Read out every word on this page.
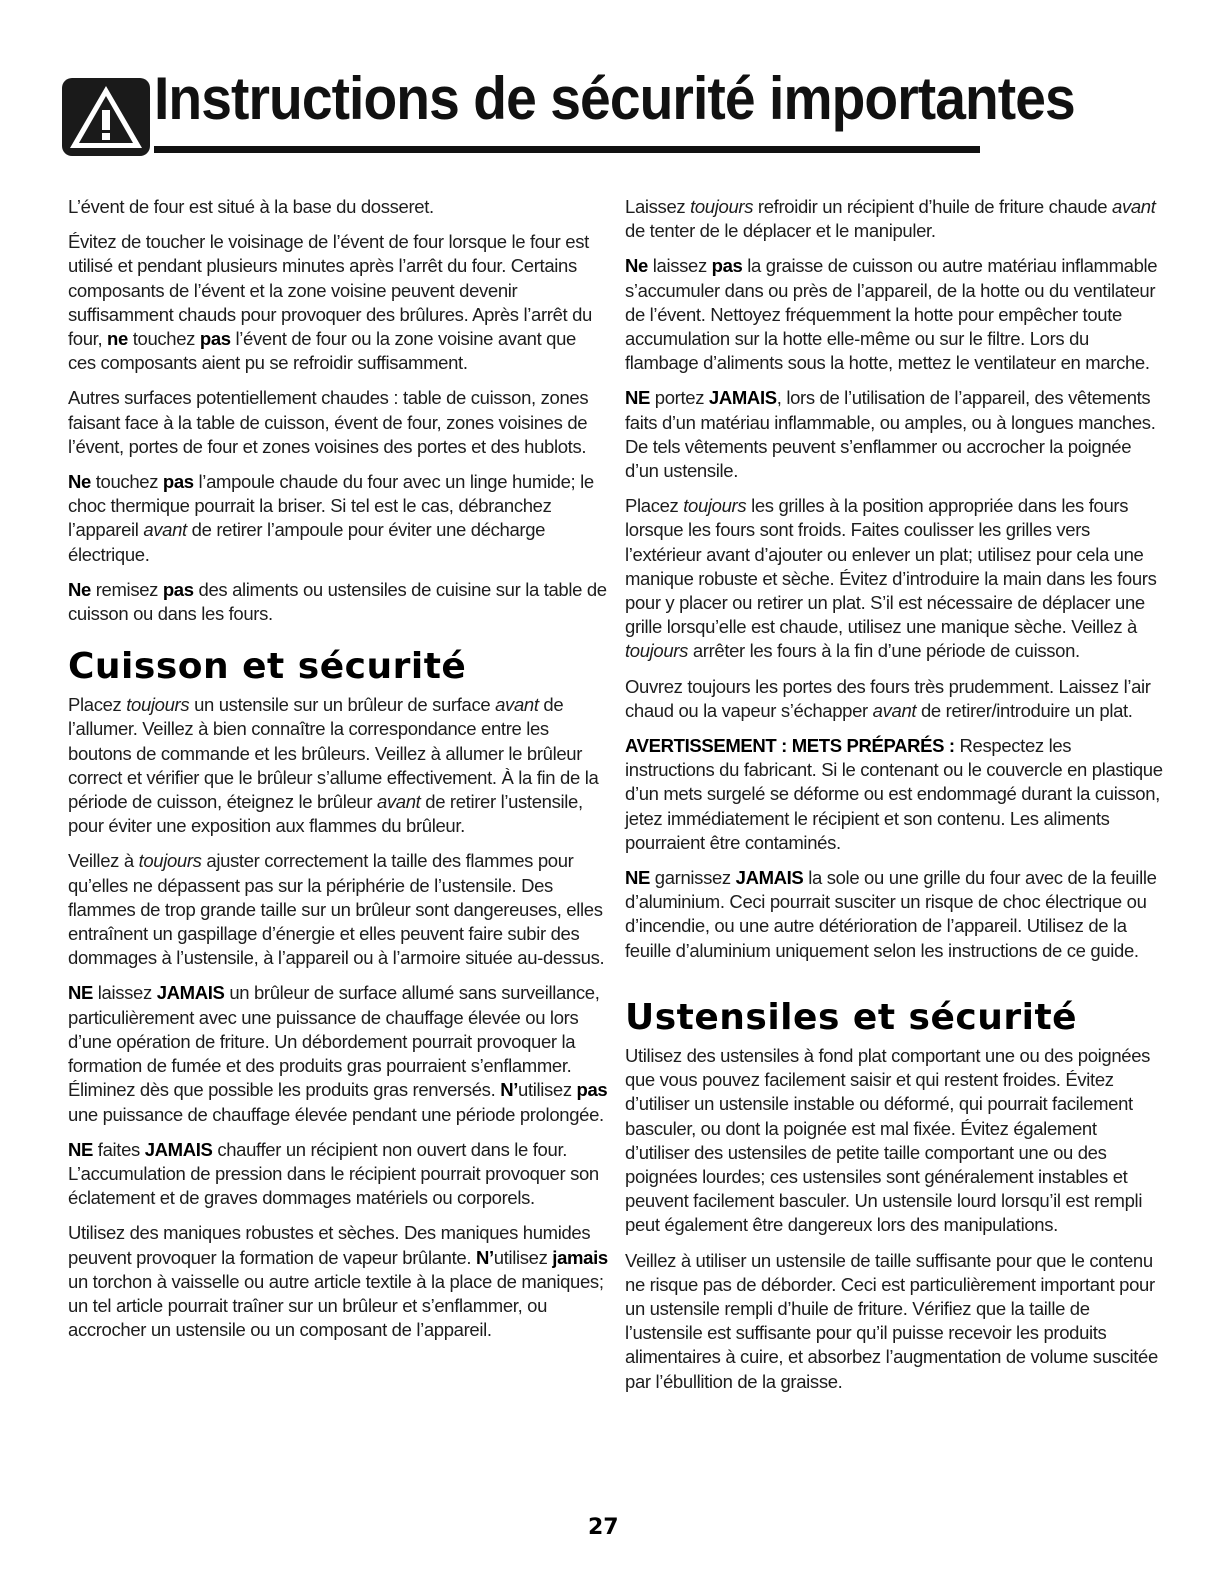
Instructions de sécurité importantes

L’évent de four est situé à la base du dosseret.

Évitez de toucher le voisinage de l’évent de four lorsque le four est utilisé et pendant plusieurs minutes après l’arrêt du four. Certains composants de l’évent et la zone voisine peuvent devenir suffisamment chauds pour provoquer des brûlures. Après l’arrêt du four, ne touchez pas l’évent de four ou la zone voisine avant que ces composants aient pu se refroidir suffisamment.

Autres surfaces potentiellement chaudes : table de cuisson, zones faisant face à la table de cuisson, évent de four, zones voisines de l’évent, portes de four et zones voisines des portes et des hublots.

Ne touchez pas l’ampoule chaude du four avec un linge humide; le choc thermique pourrait la briser. Si tel est le cas, débranchez l’appareil avant de retirer l’ampoule pour éviter une décharge électrique.

Ne remisez pas des aliments ou ustensiles de cuisine sur la table de cuisson ou dans les fours.

Cuisson et sécurité

Placez toujours un ustensile sur un brûleur de surface avant de l’allumer. Veillez à bien connaître la correspondance entre les boutons de commande et les brûleurs. Veillez à allumer le brûleur correct et vérifier que le brûleur s’allume effectivement. À la fin de la période de cuisson, éteignez le brûleur avant de retirer l’ustensile, pour éviter une exposition aux flammes du brûleur.

Veillez à toujours ajuster correctement la taille des flammes pour qu’elles ne dépassent pas sur la périphérie de l’ustensile. Des flammes de trop grande taille sur un brûleur sont dangereuses, elles entraînent un gaspillage d’énergie et elles peuvent faire subir des dommages à l’ustensile, à l’appareil ou à l’armoire située au-dessus.

NE laissez JAMAIS un brûleur de surface allumé sans surveillance, particulièrement avec une puissance de chauffage élevée ou lors d’une opération de friture. Un débordement pourrait provoquer la formation de fumée et des produits gras pourraient s’enflammer. Éliminez dès que possible les produits gras renversés. N’utilisez pas une puissance de chauffage élevée pendant une période prolongée.

NE faites JAMAIS chauffer un récipient non ouvert dans le four. L’accumulation de pression dans le récipient pourrait provoquer son éclatement et de graves dommages matériels ou corporels.

Utilisez des maniques robustes et sèches. Des maniques humides peuvent provoquer la formation de vapeur brûlante. N’utilisez jamais un torchon à vaisselle ou autre article textile à la place de maniques; un tel article pourrait traîner sur un brûleur et s’enflammer, ou accrocher un ustensile ou un composant de l’appareil.

Laissez toujours refroidir un récipient d’huile de friture chaude avant de tenter de le déplacer et le manipuler.

Ne laissez pas la graisse de cuisson ou autre matériau inflammable s’accumuler dans ou près de l’appareil, de la hotte ou du ventilateur de l’évent. Nettoyez fréquemment la hotte pour empêcher toute accumulation sur la hotte elle-même ou sur le filtre. Lors du flambage d’aliments sous la hotte, mettez le ventilateur en marche.

NE portez JAMAIS, lors de l’utilisation de l’appareil, des vêtements faits d’un matériau inflammable, ou amples, ou à longues manches. De tels vêtements peuvent s’enflammer ou accrocher la poignée d’un ustensile.

Placez toujours les grilles à la position appropriée dans les fours lorsque les fours sont froids. Faites coulisser les grilles vers l’extérieur avant d’ajouter ou enlever un plat; utilisez pour cela une manique robuste et sèche. Évitez d’introduire la main dans les fours pour y placer ou retirer un plat. S’il est nécessaire de déplacer une grille lorsqu’elle est chaude, utilisez une manique sèche. Veillez à toujours arrêter les fours à la fin d’une période de cuisson.

Ouvrez toujours les portes des fours très prudemment. Laissez l’air chaud ou la vapeur s’échapper avant de retirer/introduire un plat.

AVERTISSEMENT : METS PRÉPARÉS : Respectez les instructions du fabricant. Si le contenant ou le couvercle en plastique d’un mets surgelé se déforme ou est endommagé durant la cuisson, jetez immédiatement le récipient et son contenu. Les aliments pourraient être contaminés.

NE garnissez JAMAIS la sole ou une grille du four avec de la feuille d’aluminium. Ceci pourrait susciter un risque de choc électrique ou d’incendie, ou une autre détérioration de l’appareil. Utilisez de la feuille d’aluminium uniquement selon les instructions de ce guide.

Ustensiles et sécurité

Utilisez des ustensiles à fond plat comportant une ou des poignées que vous pouvez facilement saisir et qui restent froides. Évitez d’utiliser un ustensile instable ou déformé, qui pourrait facilement basculer, ou dont la poignée est mal fixée. Évitez également d’utiliser des ustensiles de petite taille comportant une ou des poignées lourdes; ces ustensiles sont généralement instables et peuvent facilement basculer. Un ustensile lourd lorsqu’il est rempli peut également être dangereux lors des manipulations.

Veillez à utiliser un ustensile de taille suffisante pour que le contenu ne risque pas de déborder. Ceci est particulièrement important pour un ustensile rempli d’huile de friture. Vérifiez que la taille de l’ustensile est suffisante pour qu’il puisse recevoir les produits alimentaires à cuire, et absorbez l’augmentation de volume suscitée par l’ébullition de la graisse.

27
